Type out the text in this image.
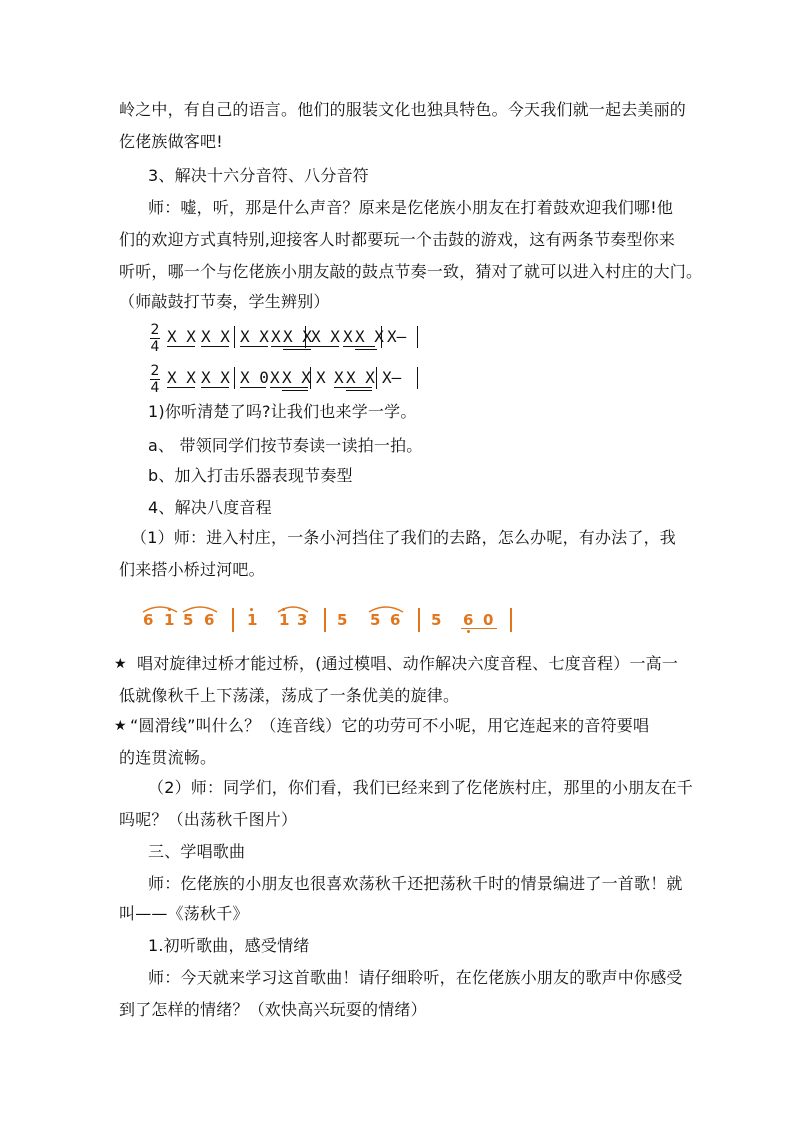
岭之中，有自己的语言。他们的服装文化也独具特色。今天我们就一起去美丽的
仡佬族做客吧!
3、解决十六分音符、八分音符
师：嘘，听，那是什么声音？原来是仡佬族小朋友在打着鼓欢迎我们哪!他
们的欢迎方式真特别,迎接客人时都要玩一个击鼓的游戏，这有两条节奏型你来
听听，哪一个与仡佬族小朋友敲的鼓点节奏一致，猜对了就可以进入村庄的大门。
（师敲鼓打节奏，学生辨别）
2
4
X X X X X X X X X X X X X X X—
2
4
X X X X X 0 X X X X X X X X—
1)你听清楚了吗?让我们也来学一学。
a、 带领同学们按节奏读一读拍一拍。
b、加入打击乐器表现节奏型
4、解决八度音程
（1）师：进入村庄，一条小河挡住了我们的去路，怎么办呢，有办法了，我
们来搭小桥过河吧。
6 1 5 6 1 1 3 5 5 6 5 6 0
★ 唱对旋律过桥才能过桥，(通过模唱、动作解决六度音程、七度音程）一高一
低就像秋千上下荡漾，荡成了一条优美的旋律。
★ “圆滑线”叫什么？（连音线）它的功劳可不小呢，用它连起来的音符要唱
的连贯流畅。
（2）师：同学们，你们看，我们已经来到了仡佬族村庄，那里的小朋友在千
吗呢？（出荡秋千图片）
三、学唱歌曲
师：仡佬族的小朋友也很喜欢荡秋千还把荡秋千时的情景编进了一首歌！就
叫——《荡秋千》
1.初听歌曲，感受情绪
师：今天就来学习这首歌曲！请仔细聆听，在仡佬族小朋友的歌声中你感受
到了怎样的情绪？（欢快高兴玩耍的情绪）
